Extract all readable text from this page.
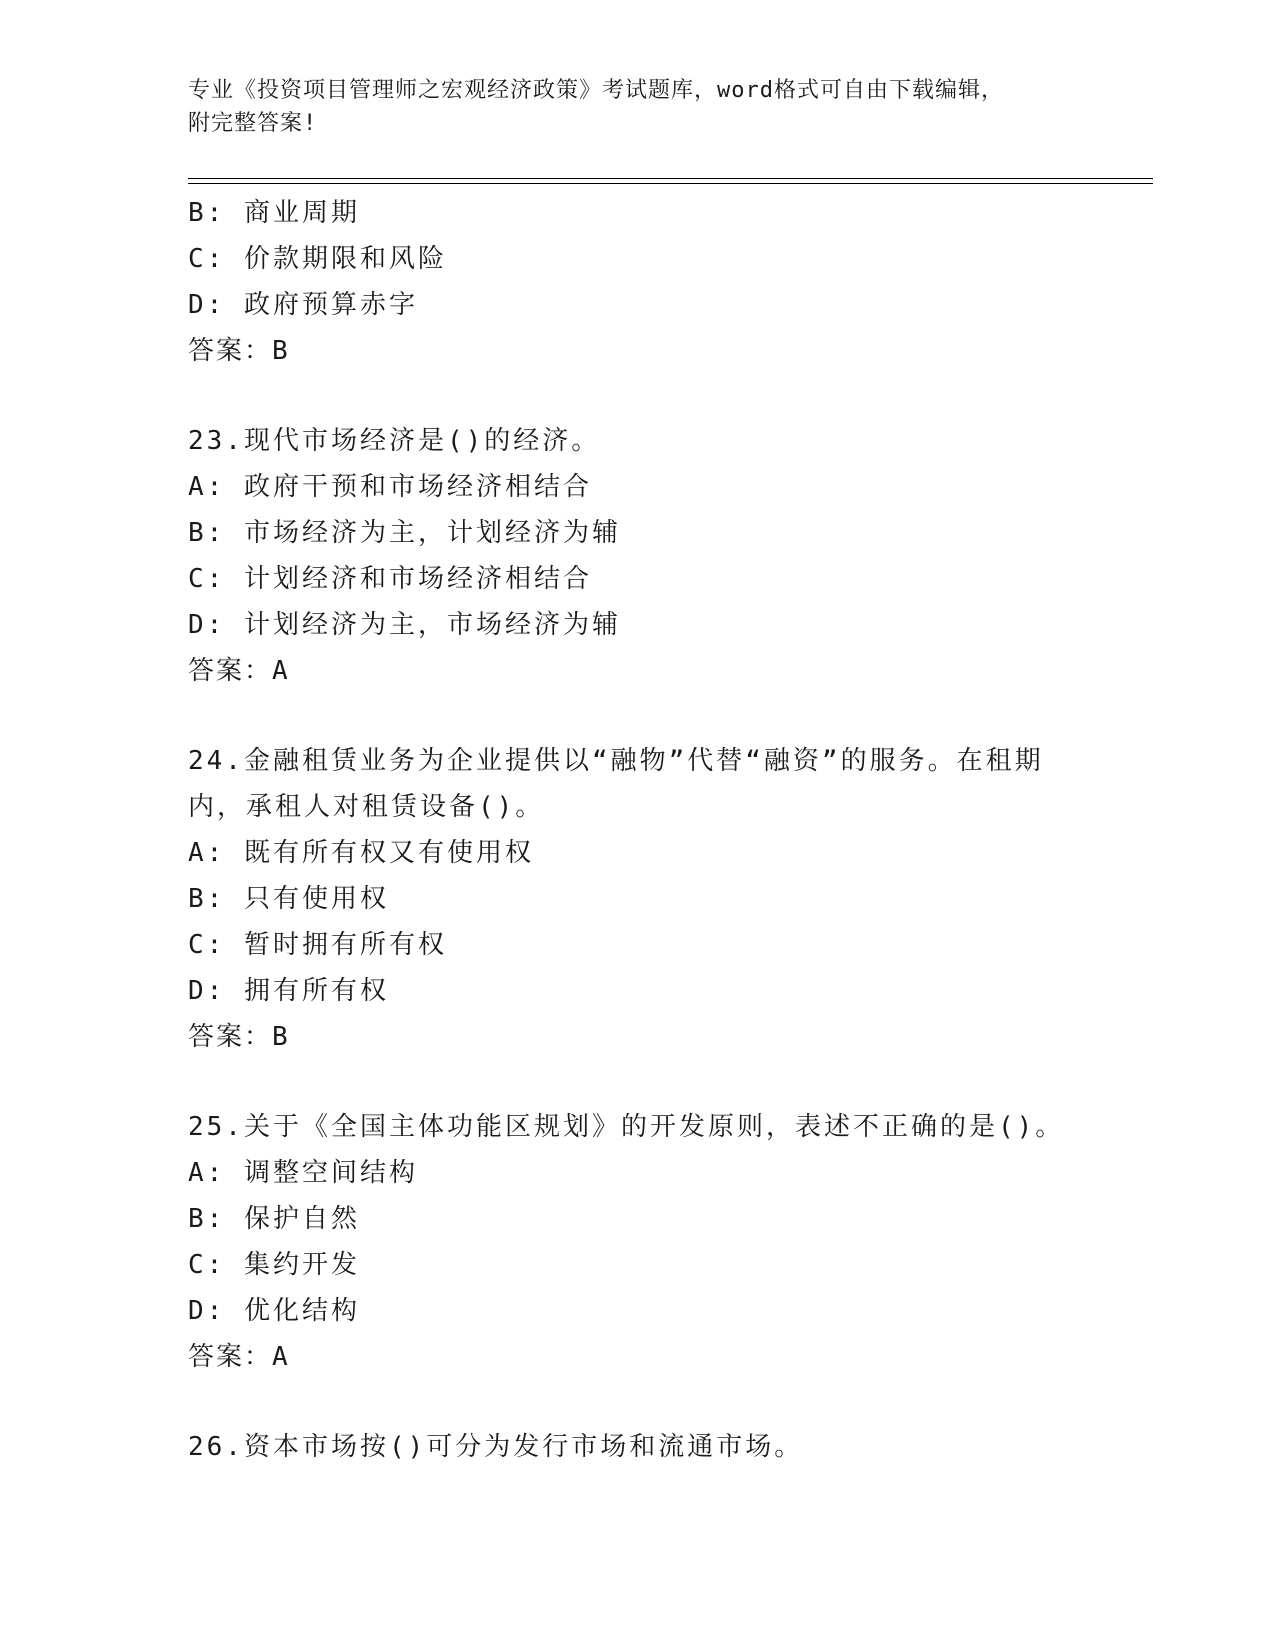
专业《投资项目管理师之宏观经济政策》考试题库，word格式可自由下载编辑，
附完整答案!
B: 商业周期
C: 价款期限和风险
D: 政府预算赤字
答案：B
23.现代市场经济是()的经济。
A: 政府干预和市场经济相结合
B: 市场经济为主，计划经济为辅
C: 计划经济和市场经济相结合
D: 计划经济为主，市场经济为辅
答案：A
24.金融租赁业务为企业提供以“融物”代替“融资”的服务。在租期
内，承租人对租赁设备()。
A: 既有所有权又有使用权
B: 只有使用权
C: 暂时拥有所有权
D: 拥有所有权
答案：B
25.关于《全国主体功能区规划》的开发原则，表述不正确的是()。
A: 调整空间结构
B: 保护自然
C: 集约开发
D: 优化结构
答案：A
26.资本市场按()可分为发行市场和流通市场。
